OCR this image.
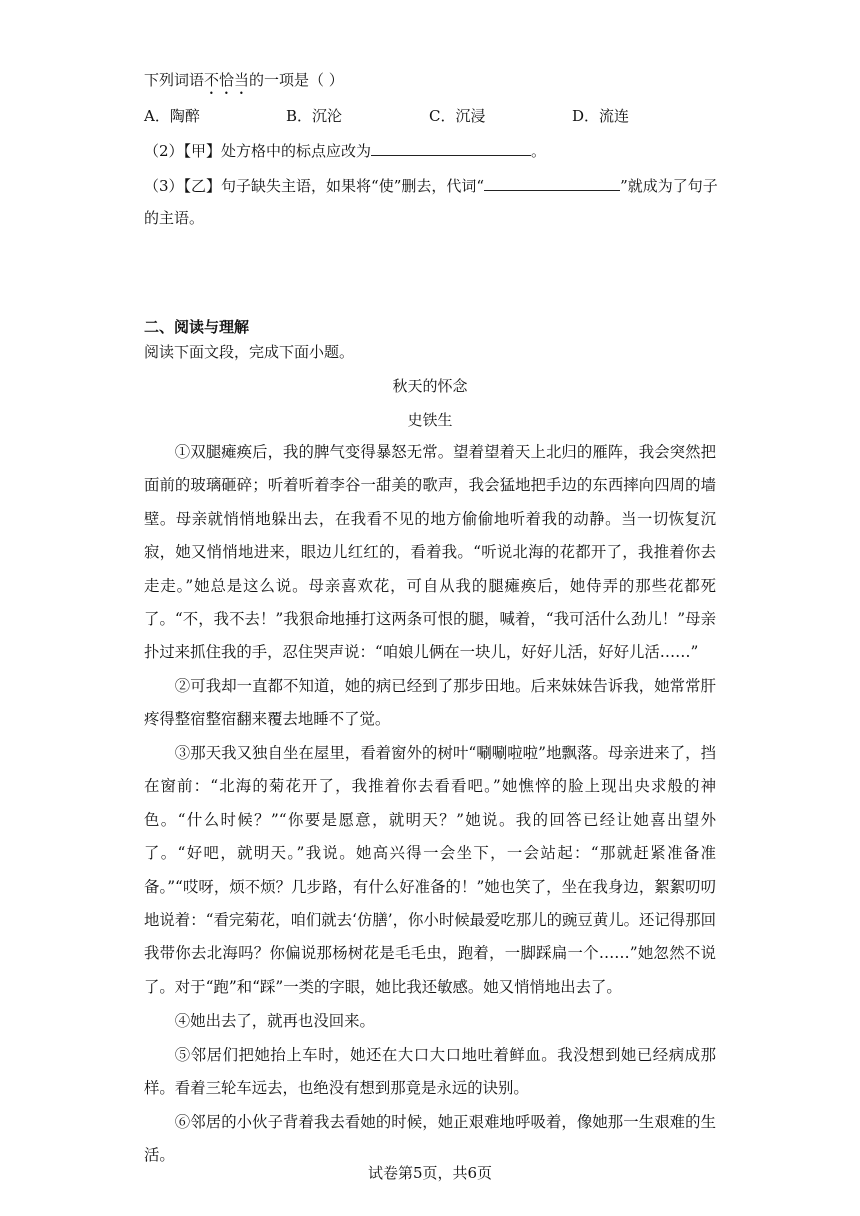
下列词语不恰当的一项是（ ）
A．陶醉	B．沉沦	C．沉浸	D．流连
（2）【甲】处方格中的标点应改为	。
（3）【乙】句子缺失主语，如果将“使”删去，代词“	”就成为了句子
的主语。
二、阅读与理解
阅读下面文段，完成下面小题。
秋天的怀念
史铁生
①双腿瘫痪后，我的脾气变得暴怒无常。望着望着天上北归的雁阵，我会突然把面前的玻璃砸碎；听着听着李谷一甜美的歌声，我会猛地把手边的东西摔向四周的墙壁。母亲就悄悄地躲出去，在我看不见的地方偷偷地听着我的动静。当一切恢复沉寂，她又悄悄地进来，眼边儿红红的，看着我。“听说北海的花都开了，我推着你去走走。”她总是这么说。母亲喜欢花，可自从我的腿瘫痪后，她侍弄的那些花都死了。“不，我不去！”我狠命地捶打这两条可恨的腿，喊着，“我可活什么劲儿！”母亲扑过来抓住我的手，忍住哭声说：“咱娘儿俩在一块儿，好好儿活，好好儿活……”
②可我却一直都不知道，她的病已经到了那步田地。后来妹妹告诉我，她常常肝疼得整宿整宿翻来覆去地睡不了觉。
③那天我又独自坐在屋里，看着窗外的树叶“唰唰啦啦”地飘落。母亲进来了，挡在窗前：“北海的菊花开了，我推着你去看看吧。”她憔悴的脸上现出央求般的神色。“什么时候？”“你要是愿意，就明天？”她说。我的回答已经让她喜出望外了。“好吧，就明天。”我说。她高兴得一会坐下，一会站起：“那就赶紧准备准备。”“哎呀，烦不烦？几步路，有什么好准备的！”她也笑了，坐在我身边，絮絮叨叨地说着：“看完菊花，咱们就去‘仿膳’，你小时候最爱吃那儿的豌豆黄儿。还记得那回我带你去北海吗？你偏说那杨树花是毛毛虫，跑着，一脚踩扁一个……”她忽然不说了。对于“跑”和“踩”一类的字眼，她比我还敏感。她又悄悄地出去了。
④她出去了，就再也没回来。
⑤邻居们把她抬上车时，她还在大口大口地吐着鲜血。我没想到她已经病成那样。看着三轮车远去，也绝没有想到那竟是永远的诀别。
⑥邻居的小伙子背着我去看她的时候，她正艰难地呼吸着，像她那一生艰难的生活。
试卷第5页，共6页
